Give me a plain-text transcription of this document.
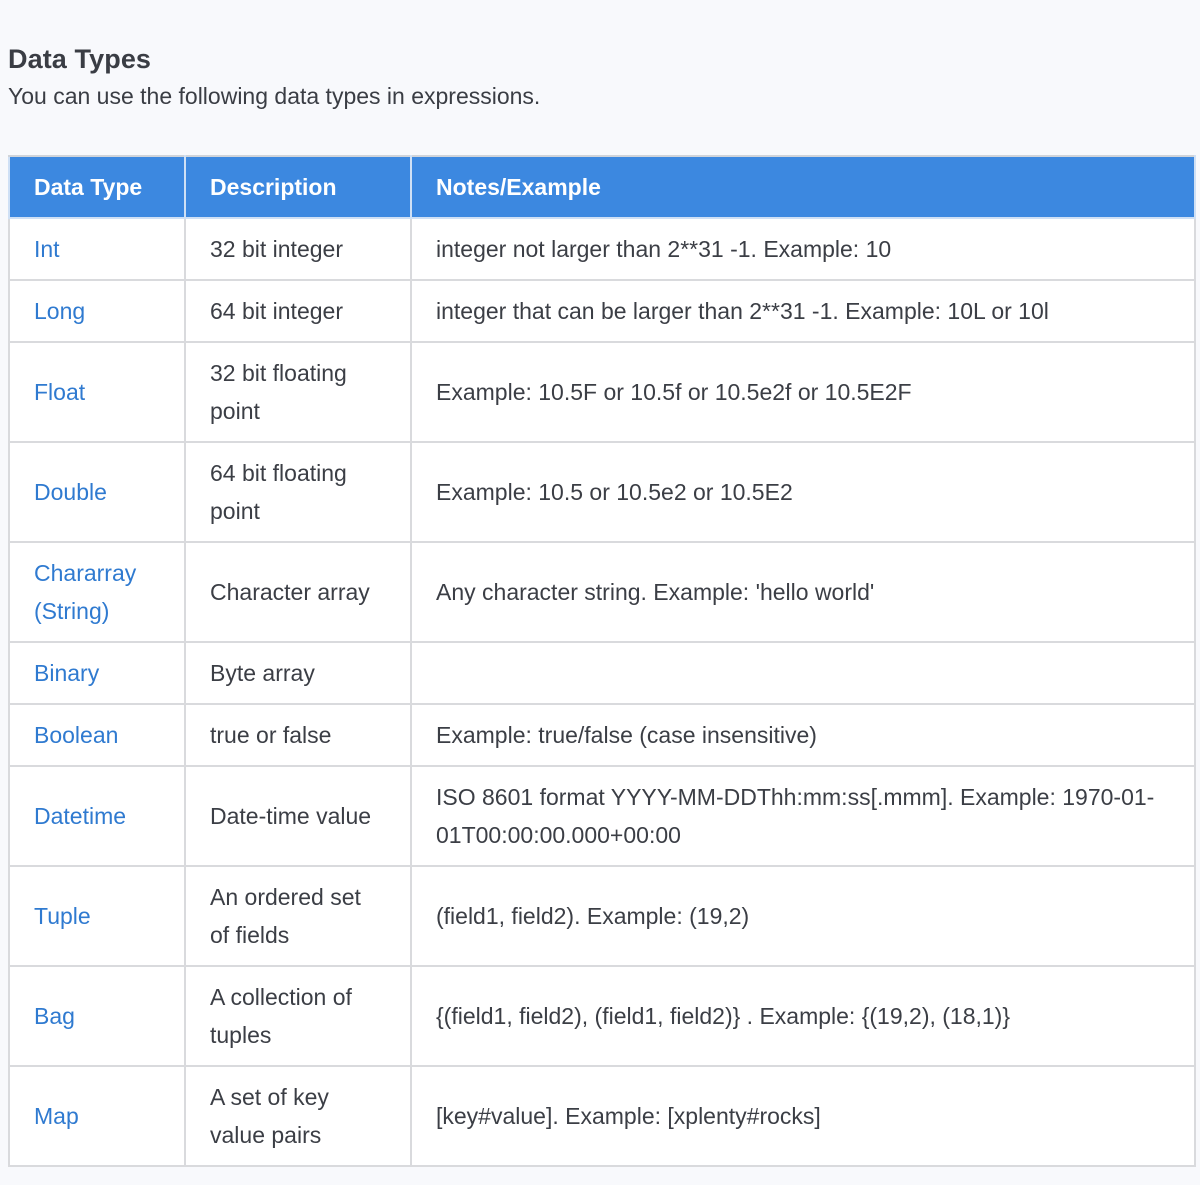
Data Types

You can use the following data types in expressions.

Data Type	Description	Notes/Example
Int	32 bit integer	integer not larger than 2**31 -1. Example: 10
Long	64 bit integer	integer that can be larger than 2**31 -1. Example: 10L or 10l
Float	32 bit floating point	Example: 10.5F or 10.5f or 10.5e2f or 10.5E2F
Double	64 bit floating point	Example: 10.5 or 10.5e2 or 10.5E2
Chararray (String)	Character array	Any character string. Example: 'hello world'
Binary	Byte array	
Boolean	true or false	Example: true/false (case insensitive)
Datetime	Date-time value	ISO 8601 format YYYY-MM-DDThh:mm:ss[.mmm]. Example: 1970-01-01T00:00:00.000+00:00
Tuple	An ordered set of fields	(field1, field2). Example: (19,2)
Bag	A collection of tuples	{(field1, field2), (field1, field2)} . Example: {(19,2), (18,1)}
Map	A set of key value pairs	[key#value]. Example: [xplenty#rocks]
